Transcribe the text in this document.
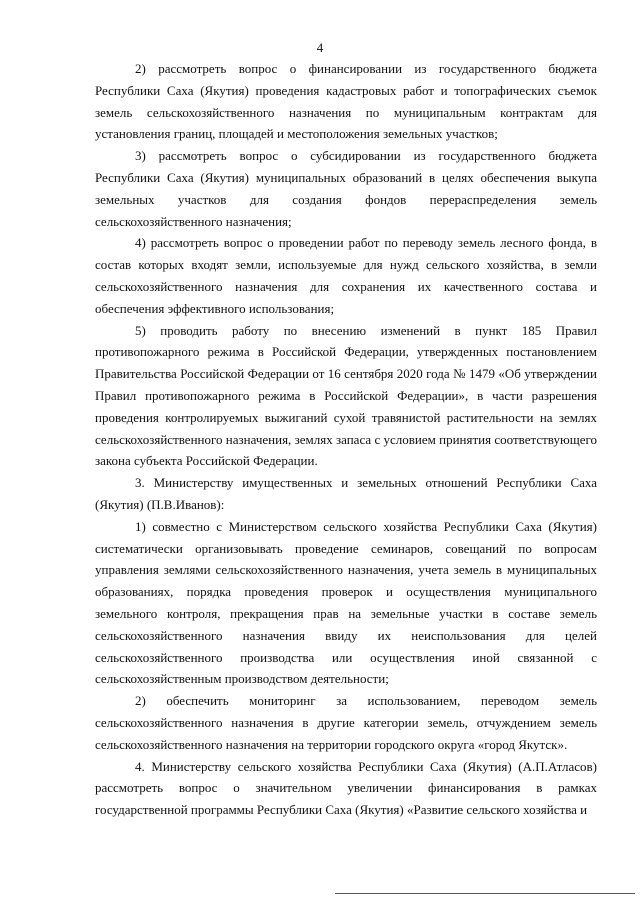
4

2) рассмотреть вопрос о финансировании из государственного бюджета Республики Саха (Якутия) проведения кадастровых работ и топографических съемок земель сельскохозяйственного назначения по муниципальным контрактам для установления границ, площадей и местоположения земельных участков;

3) рассмотреть вопрос о субсидировании из государственного бюджета Республики Саха (Якутия) муниципальных образований в целях обеспечения выкупа земельных участков для создания фондов перераспределения земель сельскохозяйственного назначения;

4) рассмотреть вопрос о проведении работ по переводу земель лесного фонда, в состав которых входят земли, используемые для нужд сельского хозяйства, в земли сельскохозяйственного назначения для сохранения их качественного состава и обеспечения эффективного использования;

5) проводить работу по внесению изменений в пункт 185 Правил противопожарного режима в Российской Федерации, утвержденных постановлением Правительства Российской Федерации от 16 сентября 2020 года № 1479 «Об утверждении Правил противопожарного режима в Российской Федерации», в части разрешения проведения контролируемых выжиганий сухой травянистой растительности на землях сельскохозяйственного назначения, землях запаса с условием принятия соответствующего закона субъекта Российской Федерации.

3. Министерству имущественных и земельных отношений Республики Саха (Якутия) (П.В.Иванов):

1) совместно с Министерством сельского хозяйства Республики Саха (Якутия) систематически организовывать проведение семинаров, совещаний по вопросам управления землями сельскохозяйственного назначения, учета земель в муниципальных образованиях, порядка проведения проверок и осуществления муниципального земельного контроля, прекращения прав на земельные участки в составе земель сельскохозяйственного назначения ввиду их неиспользования для целей сельскохозяйственного производства или осуществления иной связанной с сельскохозяйственным производством деятельности;

2) обеспечить мониторинг за использованием, переводом земель сельскохозяйственного назначения в другие категории земель, отчуждением земель сельскохозяйственного назначения на территории городского округа «город Якутск».

4. Министерству сельского хозяйства Республики Саха (Якутия) (А.П.Атласов) рассмотреть вопрос о значительном увеличении финансирования в рамках государственной программы Республики Саха (Якутия) «Развитие сельского хозяйства и
